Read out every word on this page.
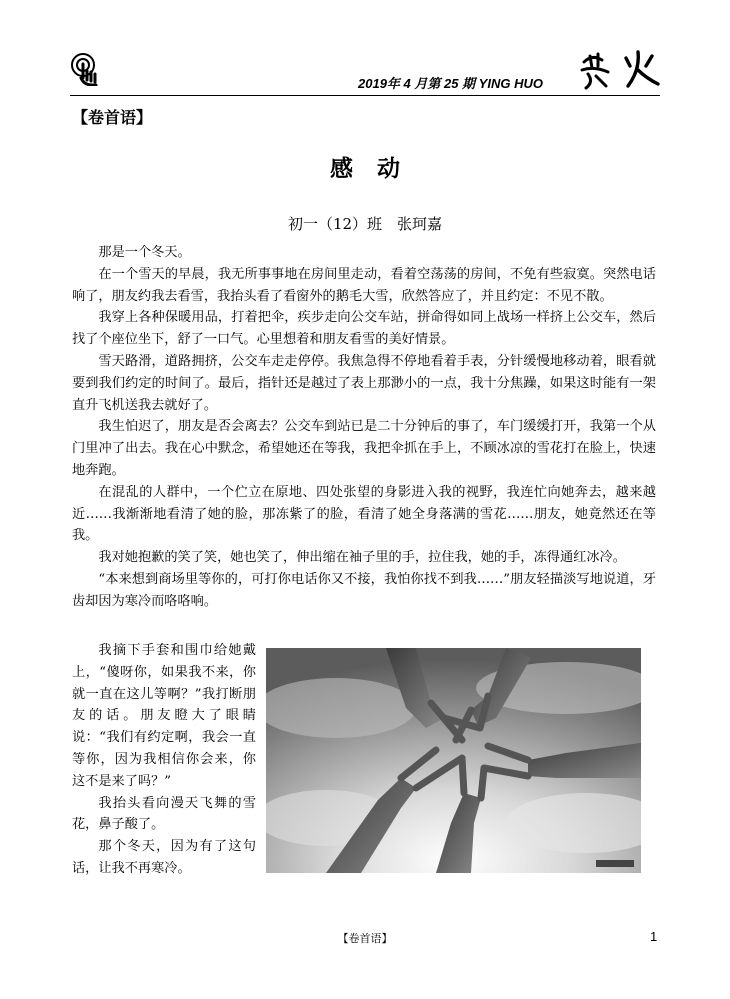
2019年 4 月第 25 期 YING HUO
【卷首语】
感动
初一（12）班　张珂嘉

那是一个冬天。

在一个雪天的早晨，我无所事事地在房间里走动，看着空荡荡的房间，不免有些寂寞。突然电话响了，朋友约我去看雪，我抬头看了看窗外的鹅毛大雪，欣然答应了，并且约定：不见不散。

我穿上各种保暖用品，打着把伞，疾步走向公交车站，拼命得如同上战场一样挤上公交车，然后找了个座位坐下，舒了一口气。心里想着和朋友看雪的美好情景。

雪天路滑，道路拥挤，公交车走走停停。我焦急得不停地看着手表，分针缓慢地移动着，眼看就要到我们约定的时间了。最后，指针还是越过了表上那渺小的一点，我十分焦躁，如果这时能有一架直升飞机送我去就好了。

我生怕迟了，朋友是否会离去？公交车到站已是二十分钟后的事了，车门缓缓打开，我第一个从门里冲了出去。我在心中默念，希望她还在等我，我把伞抓在手上，不顾冰凉的雪花打在脸上，快速地奔跑。

在混乱的人群中，一个伫立在原地、四处张望的身影进入我的视野，我连忙向她奔去，越来越近……我渐渐地看清了她的脸，那冻紫了的脸，看清了她全身落满的雪花……朋友，她竟然还在等我。

我对她抱歉的笑了笑，她也笑了，伸出缩在袖子里的手，拉住我，她的手，冻得通红冰冷。

“本来想到商场里等你的，可打你电话你又不接，我怕你找不到我……”朋友轻描淡写地说道，牙齿却因为寒冷而咯咯响。

我摘下手套和围巾给她戴上，“傻呀你，如果我不来，你就一直在这儿等啊？”我打断朋友的话。朋友瞪大了眼睛说：“我们有约定啊，我会一直等你，因为我相信你会来，你这不是来了吗？”

我抬头看向漫天飞舞的雪花，鼻子酸了。

那个冬天，因为有了这句话，让我不再寒冷。

【卷首语】	1
